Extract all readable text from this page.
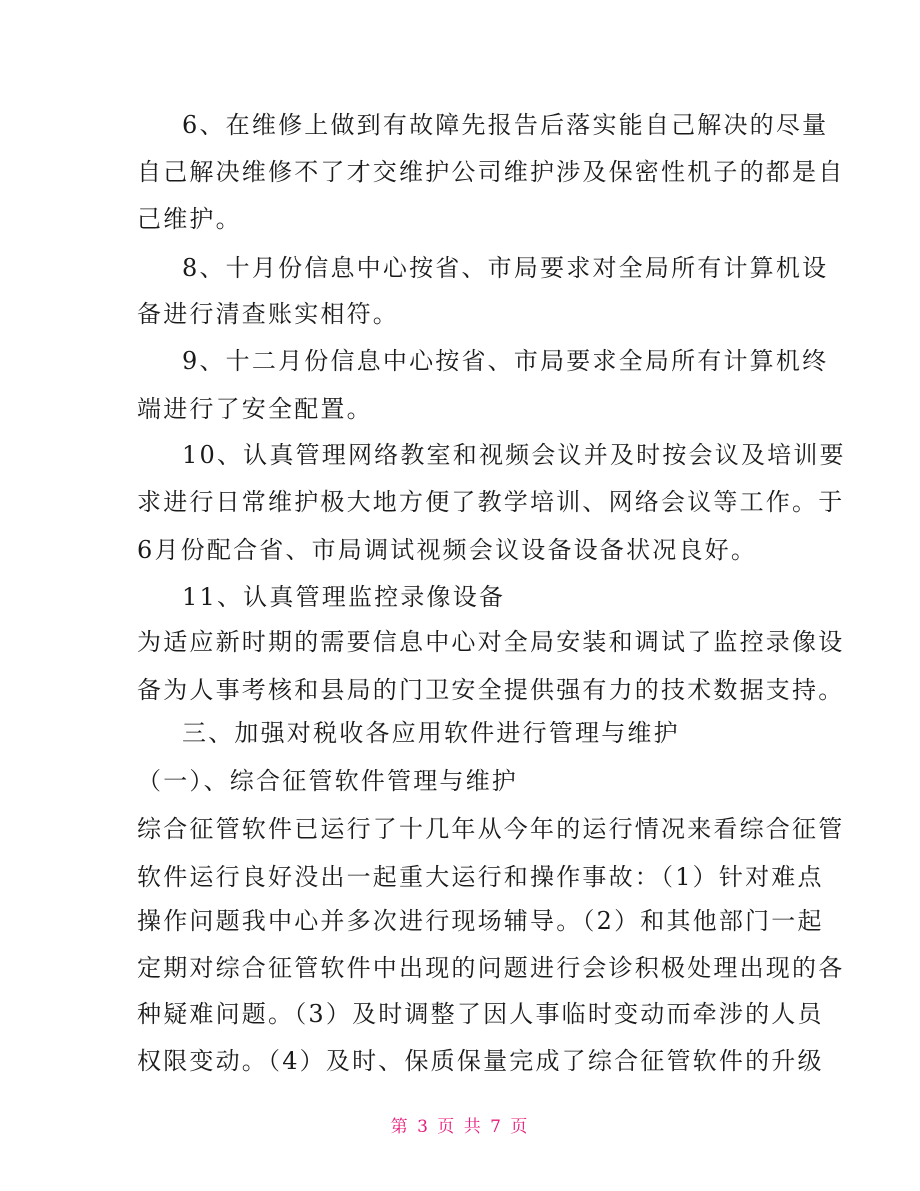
6、在维修上做到有故障先报告后落实能自己解决的尽量
自己解决维修不了才交维护公司维护涉及保密性机子的都是自
己维护。
8、十月份信息中心按省、市局要求对全局所有计算机设
备进行清查账实相符。
9、十二月份信息中心按省、市局要求全局所有计算机终
端进行了安全配置。
10、认真管理网络教室和视频会议并及时按会议及培训要
求进行日常维护极大地方便了教学培训、网络会议等工作。于
6月份配合省、市局调试视频会议设备设备状况良好。
11、认真管理监控录像设备
为适应新时期的需要信息中心对全局安装和调试了监控录像设
备为人事考核和县局的门卫安全提供强有力的技术数据支持。
三、加强对税收各应用软件进行管理与维护
（一）、综合征管软件管理与维护
综合征管软件已运行了十几年从今年的运行情况来看综合征管
软件运行良好没出一起重大运行和操作事故：（1）针对难点
操作问题我中心并多次进行现场辅导。（2）和其他部门一起
定期对综合征管软件中出现的问题进行会诊积极处理出现的各
种疑难问题。（3）及时调整了因人事临时变动而牵涉的人员
权限变动。（4）及时、保质保量完成了综合征管软件的升级
第 3 页 共 7 页
